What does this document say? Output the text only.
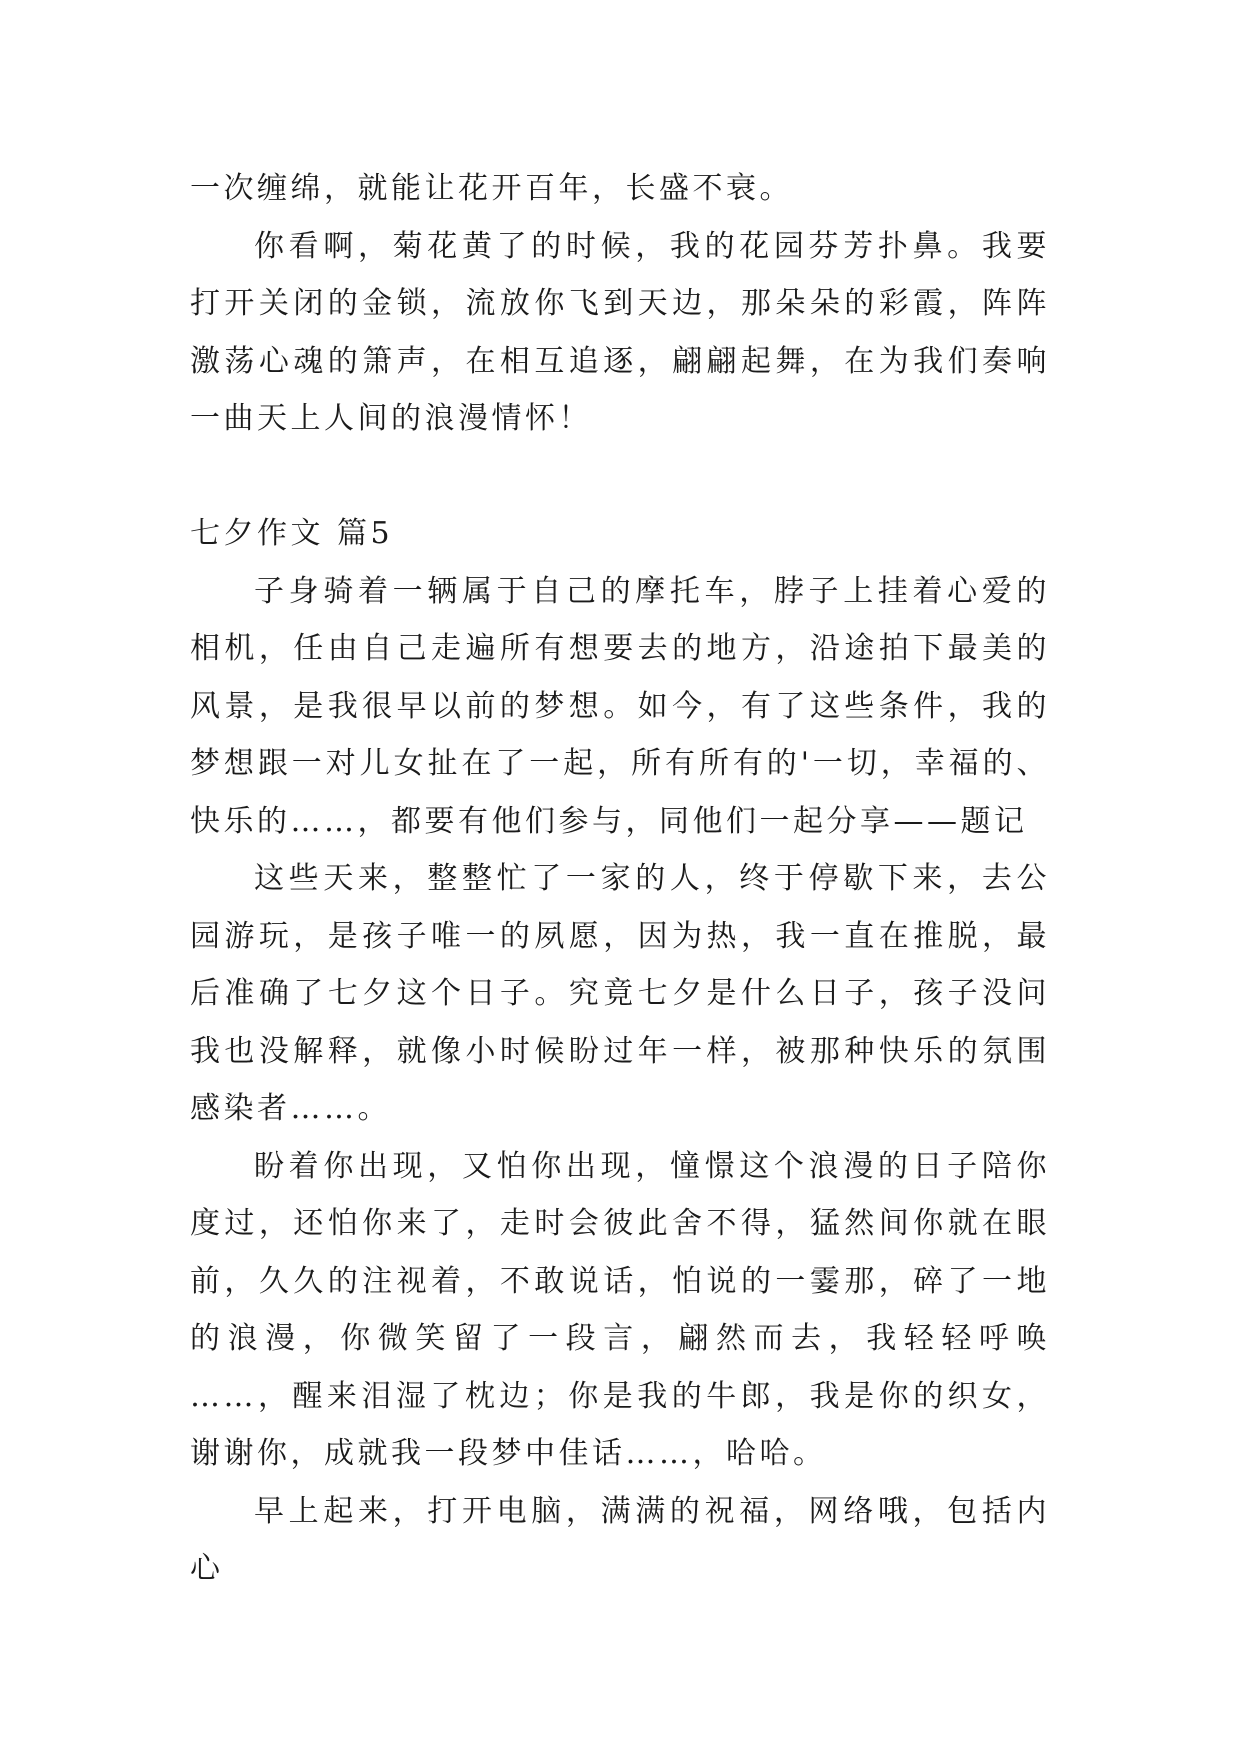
一次缠绵，就能让花开百年，长盛不衰。

你看啊，菊花黄了的时候，我的花园芬芳扑鼻。我要打开关闭的金锁，流放你飞到天边，那朵朵的彩霞，阵阵激荡心魂的箫声，在相互追逐，翩翩起舞，在为我们奏响一曲天上人间的浪漫情怀！

七夕作文 篇5

子身骑着一辆属于自己的摩托车，脖子上挂着心爱的相机，任由自己走遍所有想要去的地方，沿途拍下最美的风景，是我很早以前的梦想。如今，有了这些条件，我的梦想跟一对儿女扯在了一起，所有所有的'一切，幸福的、快乐的……，都要有他们参与，同他们一起分享——题记

这些天来，整整忙了一家的人，终于停歇下来，去公园游玩，是孩子唯一的夙愿，因为热，我一直在推脱，最后准确了七夕这个日子。究竟七夕是什么日子，孩子没问我也没解释，就像小时候盼过年一样，被那种快乐的氛围感染者……。

盼着你出现，又怕你出现，憧憬这个浪漫的日子陪你度过，还怕你来了，走时会彼此舍不得，猛然间你就在眼前，久久的注视着，不敢说话，怕说的一霎那，碎了一地的浪漫，你微笑留了一段言，翩然而去，我轻轻呼唤 ……，醒来泪湿了枕边；你是我的牛郎，我是你的织女，谢谢你，成就我一段梦中佳话……，哈哈。

早上起来，打开电脑，满满的祝福，网络哦，包括内心
